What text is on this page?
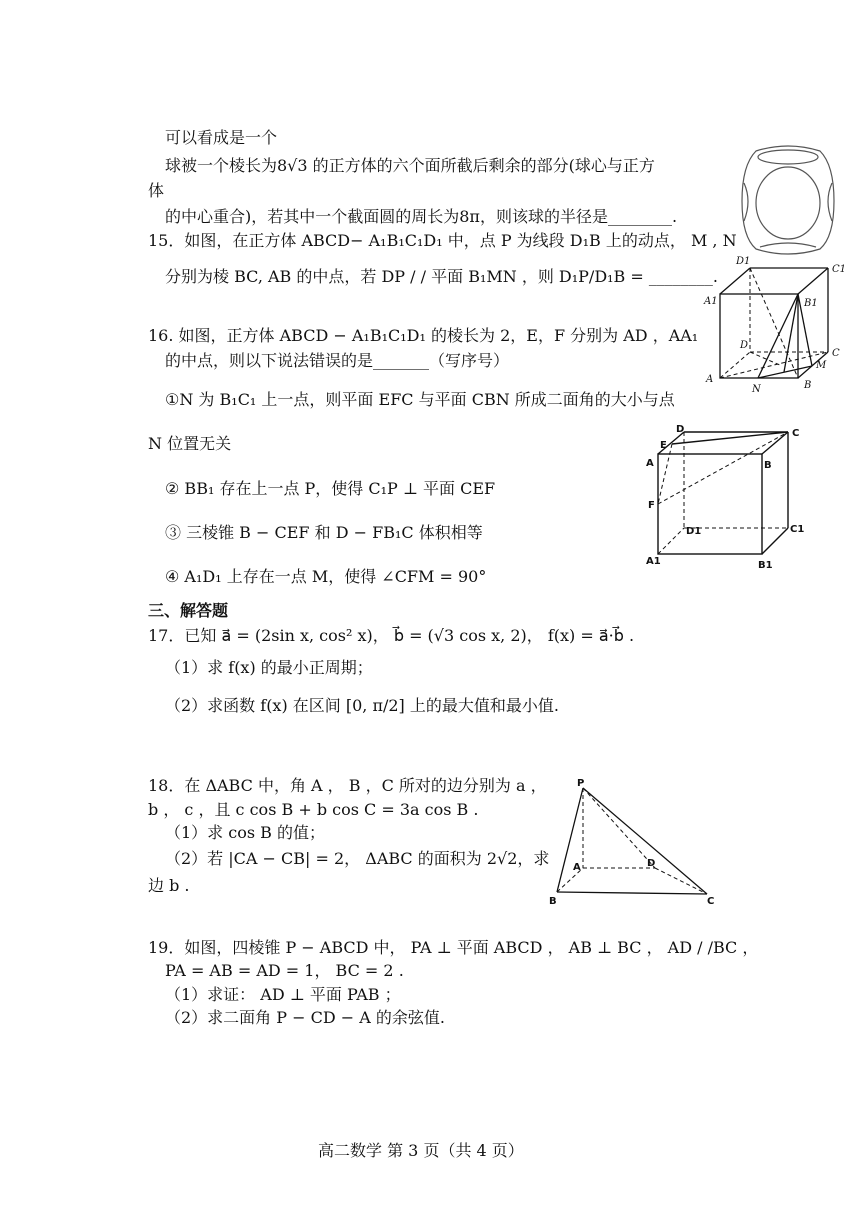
可以看成是一个
球被一个棱长为8√3 的正方体的六个面所截后剩余的部分(球心与正方
体
的中心重合)，若其中一个截面圆的周长为8π，则该球的半径是________.
15．如图，在正方体 ABCD− A₁B₁C₁D₁ 中，点 P 为线段 D₁B 上的动点， M , N
分别为棱 BC, AB 的中点，若 DP / / 平面 B₁MN ，则 D₁P/D₁B = ________.
D1
C1
A1	B1
D
C
M
A
N	B
16. 如图，正方体 ABCD − A₁B₁C₁D₁ 的棱长为 2，E，F 分别为 AD ，AA₁
的中点，则以下说法错误的是_______（写序号）
①N 为 B₁C₁ 上一点，则平面 EFC 与平面 CBN 所成二面角的大小与点
N 位置无关
② BB₁ 存在上一点 P，使得 C₁P ⊥ 平面 CEF
③ 三棱锥 B − CEF 和 D − FB₁C 体积相等
④ A₁D₁ 上存在一点 M，使得 ∠CFM = 90°
D	C
E
A	B
F
D1	C1
A1	B1
三、解答题
17．已知 a⃗ = (2sin x, cos² x)， b⃗ = (√3 cos x, 2)， f(x) = a⃗·b⃗ .
（1）求 f(x) 的最小正周期；
（2）求函数 f(x) 在区间 [0, π/2] 上的最大值和最小值.
18．在 ΔABC 中，角 A ， B ，C 所对的边分别为 a ，
b ， c ，且 c cos B + b cos C = 3a cos B .
（1）求 cos B 的值；
（2）若 |CA − CB| = 2， ΔABC 的面积为 2√2，求
边 b .
P
A	D
B	C
19．如图，四棱锥 P − ABCD 中， PA ⊥ 平面 ABCD ， AB ⊥ BC ， AD / /BC ，
PA = AB = AD = 1， BC = 2 .
（1）求证： AD ⊥ 平面 PAB ；
（2）求二面角 P − CD − A 的余弦值.
高二数学 第 3 页（共 4 页）
